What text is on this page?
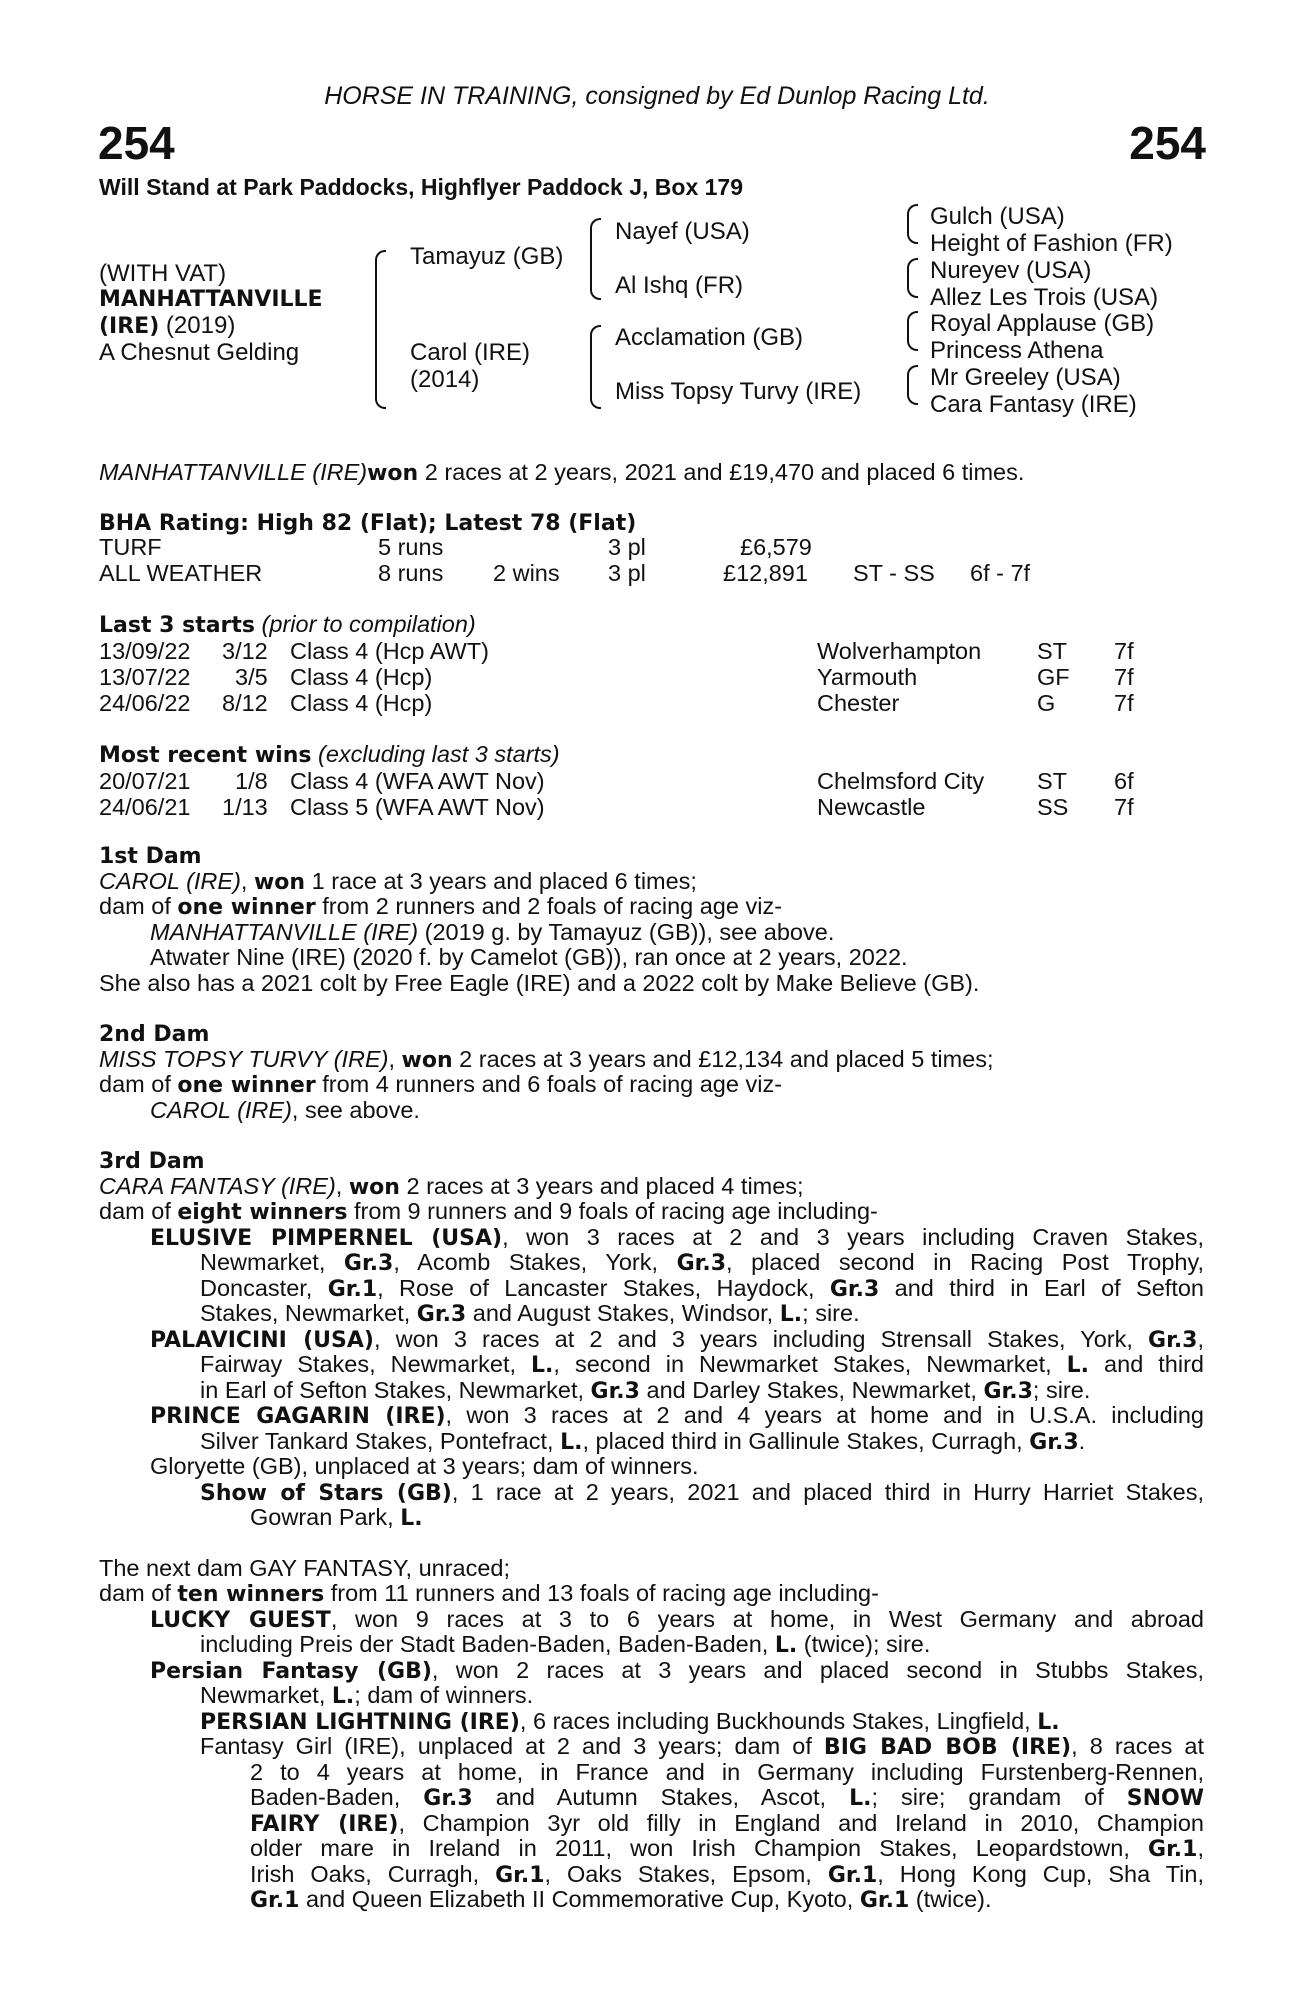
HORSE IN TRAINING, consigned by Ed Dunlop Racing Ltd.
254	254
Will Stand at Park Paddocks, Highflyer Paddock J, Box 179
(WITH VAT)
MANHATTANVILLE
(IRE) (2019)
A Chesnut Gelding
Tamayuz (GB)
Carol (IRE)
(2014)
Nayef (USA)
Al Ishq (FR)
Acclamation (GB)
Miss Topsy Turvy (IRE)
Gulch (USA)
Height of Fashion (FR)
Nureyev (USA)
Allez Les Trois (USA)
Royal Applause (GB)
Princess Athena
Mr Greeley (USA)
Cara Fantasy (IRE)
MANHATTANVILLE (IRE)won 2 races at 2 years, 2021 and £19,470 and placed 6 times.
BHA Rating: High 82 (Flat); Latest 78 (Flat)
TURF	5 runs	3 pl	£6,579
ALL WEATHER	8 runs 2 wins 3 pl	£12,891 ST - SS 6f - 7f
Last 3 starts (prior to compilation)
13/09/22 3/12 Class 4 (Hcp AWT)	Wolverhampton ST 7f
13/07/22 3/5 Class 4 (Hcp)	Yarmouth	GF 7f
24/06/22 8/12 Class 4 (Hcp)	Chester	G 7f
Most recent wins (excluding last 3 starts)
20/07/21 1/8 Class 4 (WFA AWT Nov)	Chelmsford City ST 6f
24/06/21 1/13 Class 5 (WFA AWT Nov)	Newcastle	SS 7f
1st Dam
CAROL (IRE), won 1 race at 3 years and placed 6 times;
dam of one winner from 2 runners and 2 foals of racing age viz-
MANHATTANVILLE (IRE) (2019 g. by Tamayuz (GB)), see above.
Atwater Nine (IRE) (2020 f. by Camelot (GB)), ran once at 2 years, 2022.
She also has a 2021 colt by Free Eagle (IRE) and a 2022 colt by Make Believe (GB).
2nd Dam
MISS TOPSY TURVY (IRE), won 2 races at 3 years and £12,134 and placed 5 times;
dam of one winner from 4 runners and 6 foals of racing age viz-
CAROL (IRE), see above.
3rd Dam
CARA FANTASY (IRE), won 2 races at 3 years and placed 4 times;
dam of eight winners from 9 runners and 9 foals of racing age including-
ELUSIVE PIMPERNEL (USA), won 3 races at 2 and 3 years including Craven Stakes,
Newmarket, Gr.3, Acomb Stakes, York, Gr.3, placed second in Racing Post Trophy,
Doncaster, Gr.1, Rose of Lancaster Stakes, Haydock, Gr.3 and third in Earl of Sefton
Stakes, Newmarket, Gr.3 and August Stakes, Windsor, L.; sire.
PALAVICINI (USA), won 3 races at 2 and 3 years including Strensall Stakes, York, Gr.3,
Fairway Stakes, Newmarket, L., second in Newmarket Stakes, Newmarket, L. and third
in Earl of Sefton Stakes, Newmarket, Gr.3 and Darley Stakes, Newmarket, Gr.3; sire.
PRINCE GAGARIN (IRE), won 3 races at 2 and 4 years at home and in U.S.A. including
Silver Tankard Stakes, Pontefract, L., placed third in Gallinule Stakes, Curragh, Gr.3.
Gloryette (GB), unplaced at 3 years; dam of winners.
Show of Stars (GB), 1 race at 2 years, 2021 and placed third in Hurry Harriet Stakes,
Gowran Park, L.
The next dam GAY FANTASY, unraced;
dam of ten winners from 11 runners and 13 foals of racing age including-
LUCKY GUEST, won 9 races at 3 to 6 years at home, in West Germany and abroad
including Preis der Stadt Baden-Baden, Baden-Baden, L. (twice); sire.
Persian Fantasy (GB), won 2 races at 3 years and placed second in Stubbs Stakes,
Newmarket, L.; dam of winners.
PERSIAN LIGHTNING (IRE), 6 races including Buckhounds Stakes, Lingfield, L.
Fantasy Girl (IRE), unplaced at 2 and 3 years; dam of BIG BAD BOB (IRE), 8 races at
2 to 4 years at home, in France and in Germany including Furstenberg-Rennen,
Baden-Baden, Gr.3 and Autumn Stakes, Ascot, L.; sire; grandam of SNOW
FAIRY (IRE), Champion 3yr old filly in England and Ireland in 2010, Champion
older mare in Ireland in 2011, won Irish Champion Stakes, Leopardstown, Gr.1,
Irish Oaks, Curragh, Gr.1, Oaks Stakes, Epsom, Gr.1, Hong Kong Cup, Sha Tin,
Gr.1 and Queen Elizabeth II Commemorative Cup, Kyoto, Gr.1 (twice).
